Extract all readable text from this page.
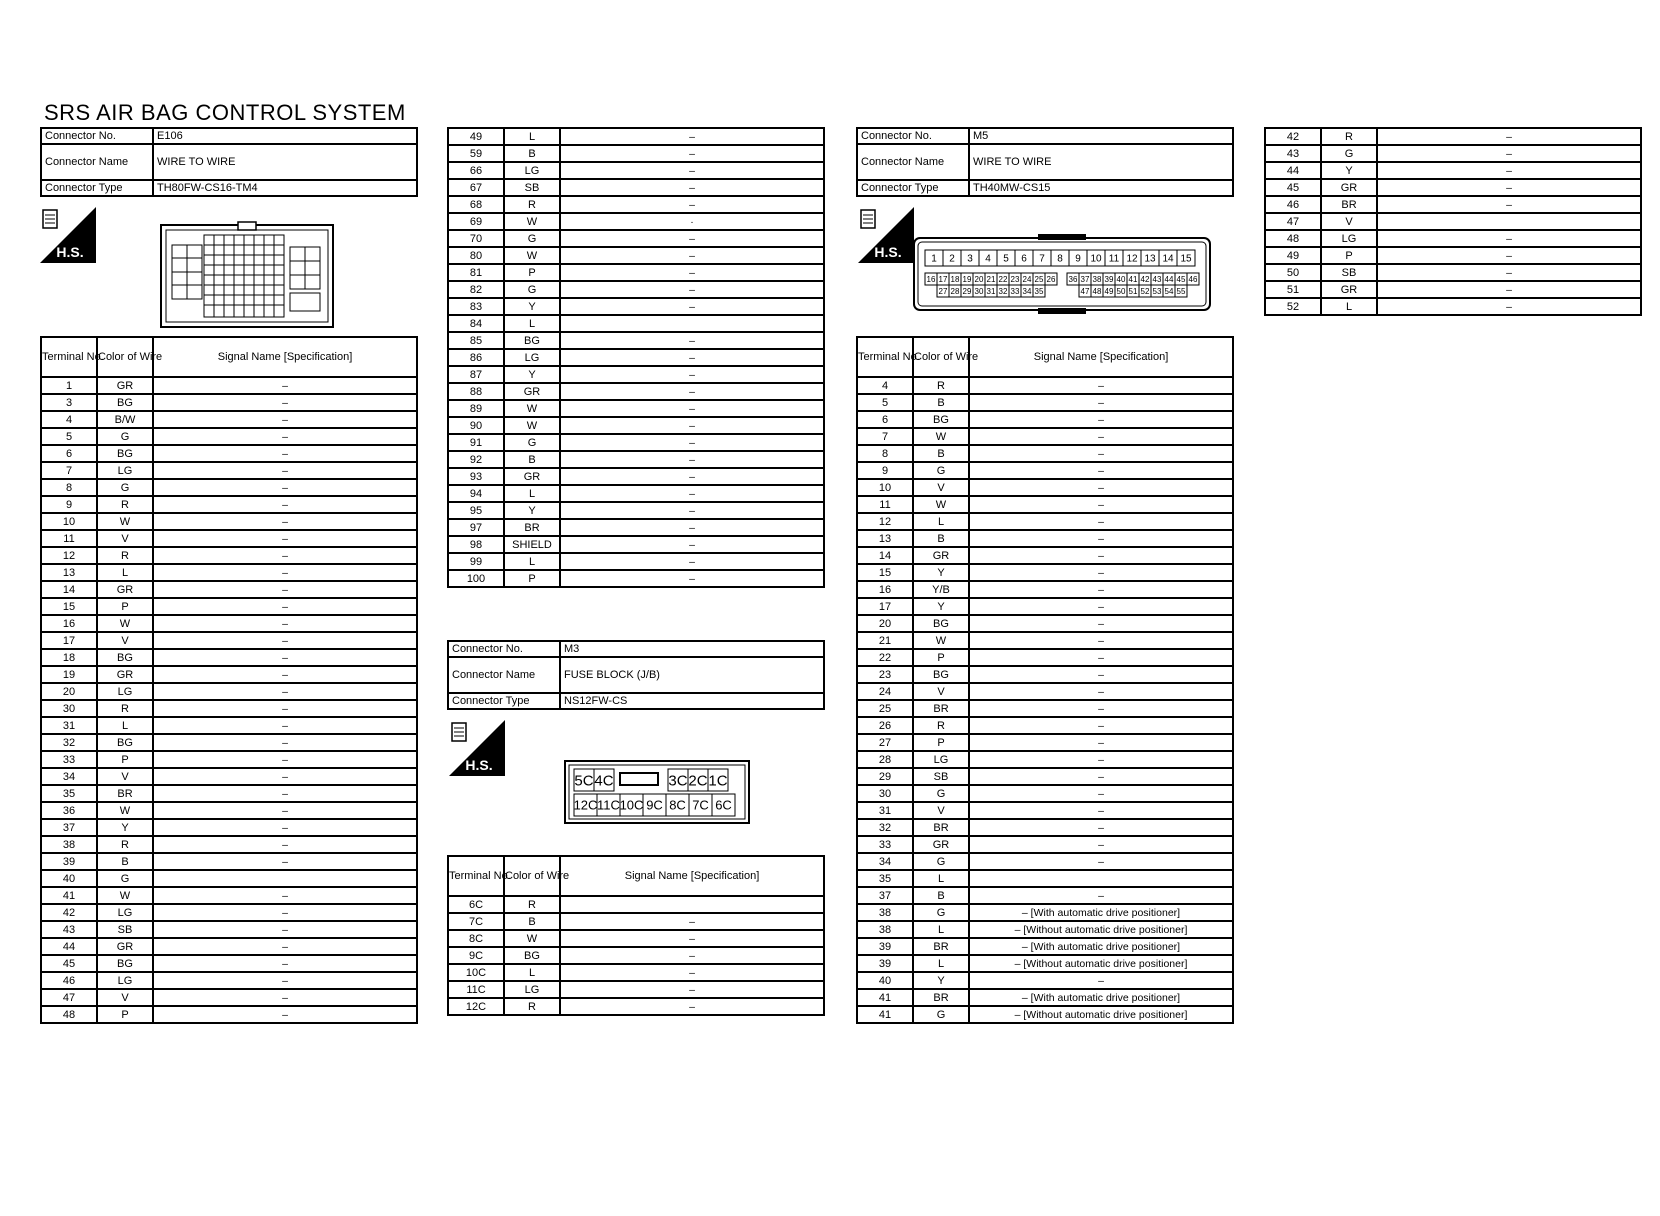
SRS AIR BAG CONTROL SYSTEM
Connector No.	E106
Connector Name	WIRE TO WIRE
Connector Type	TH80FW-CS16-TM4
H.S.
Terminal No.	Color of Wire	Signal Name [Specification]
1	GR	–
3	BG	–
4	B/W	–
5	G	–
6	BG	–
7	LG	–
8	G	–
9	R	–
10	W	–
11	V	–
12	R	–
13	L	–
14	GR	–
15	P	–
16	W	–
17	V	–
18	BG	–
19	GR	–
20	LG	–
30	R	–
31	L	–
32	BG	–
33	P	–
34	V	–
35	BR	–
36	W	–
37	Y	–
38	R	–
39	B	–
40	G	
41	W	–
42	LG	–
43	SB	–
44	GR	–
45	BG	–
46	LG	–
47	V	–
48	P	–
49	L	–
59	B	–
66	LG	–
67	SB	–
68	R	–
69	W	·
70	G	–
80	W	–
81	P	–
82	G	–
83	Y	–
84	L	
85	BG	–
86	LG	–
87	Y	–
88	GR	–
89	W	–
90	W	–
91	G	–
92	B	–
93	GR	–
94	L	–
95	Y	–
97	BR	–
98	SHIELD	–
99	L	–
100	P	–
Connector No.	M3
Connector Name	FUSE BLOCK (J/B)
Connector Type	NS12FW-CS
H.S.
5C 4C	3C 2C 1C
12C 11C 10C 9C 8C 7C 6C
Terminal No.	Color of Wire	Signal Name [Specification]
6C	R	
7C	B	–
8C	W	–
9C	BG	–
10C	L	–
11C	LG	–
12C	R	–
Connector No.	M5
Connector Name	WIRE TO WIRE
Connector Type	TH40MW-CS15
H.S.	1 2 3 4 5 6 7 8 9 10 11 12 13 14 15
16 17 18 19 20 21 22 23 24 25 26 36 37 38 39 40 41 42 43 44 45 46
27 28 29 30 31 32 33 34 35	47 48 49 50 51 52 53 54 55
Terminal No.	Color of Wire	Signal Name [Specification]
4	R	–
5	B	–
6	BG	–
7	W	–
8	B	–
9	G	–
10	V	–
11	W	–
12	L	–
13	B	–
14	GR	–
15	Y	–
16	Y/B	–
17	Y	–
20	BG	–
21	W	–
22	P	–
23	BG	–
24	V	–
25	BR	–
26	R	–
27	P	–
28	LG	–
29	SB	–
30	G	–
31	V	–
32	BR	–
33	GR	–
34	G	–
35	L	
37	B	–
38	G	– [With automatic drive positioner]
38	L	– [Without automatic drive positioner]
39	BR	– [With automatic drive positioner]
39	L	– [Without automatic drive positioner]
40	Y	–
41	BR	– [With automatic drive positioner]
41	G	– [Without automatic drive positioner]
42	R	–
43	G	–
44	Y	–
45	GR	–
46	BR	–
47	V	
48	LG	–
49	P	–
50	SB	–
51	GR	–
52	L	–
